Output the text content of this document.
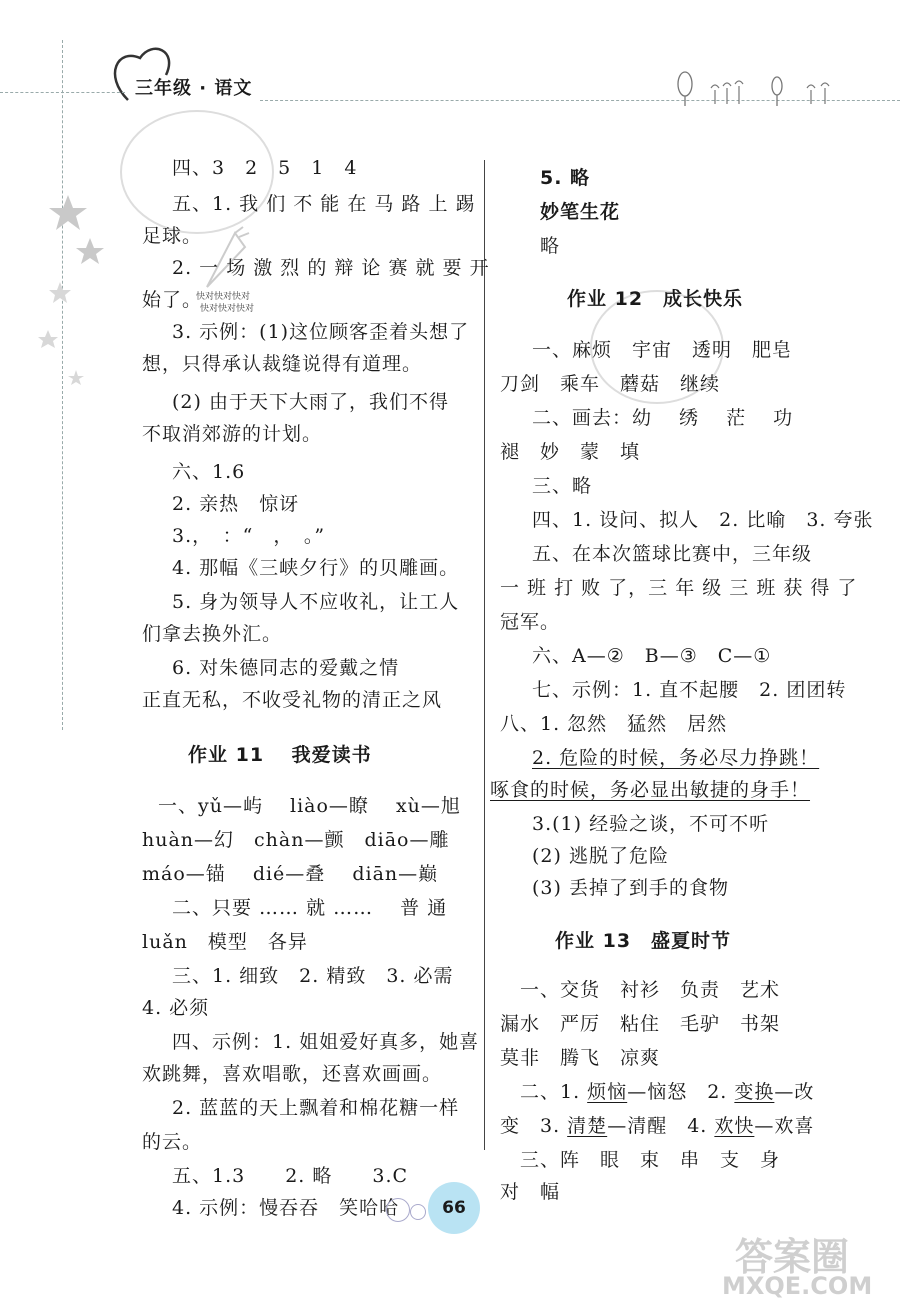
三年级 · 语文
快对快对快对
快对快对快对
四、3　2　5　1　4
五、1. 我 们 不 能 在 马 路 上 踢
足球。
2. 一 场 激 烈 的 辩 论 赛 就 要 开
始了。
3. 示例：(1)这位顾客歪着头想了
想，只得承认裁缝说得有道理。
(2) 由于天下大雨了，我们不得
不取消郊游的计划。
六、1.6
2. 亲热　惊讶
3.，　：“　，　。”
4. 那幅《三峡夕行》的贝雕画。
5. 身为领导人不应收礼，让工人
们拿去换外汇。
6. 对朱德同志的爱戴之情
正直无私，不收受礼物的清正之风
作业 11　 我爱读书
一、yǔ—屿　 liào—瞭　 xù—旭
huàn—幻　chàn—颤　diāo—雕
máo—锚　 dié—叠　 diān—巅
二、只要 …… 就 ……　 普 通
luǎn　模型　各异
三、1. 细致　2. 精致　3. 必需
4. 必须
四、示例：1. 姐姐爱好真多，她喜
欢跳舞，喜欢唱歌，还喜欢画画。
2. 蓝蓝的天上飘着和棉花糖一样
的云。
五、1.3　　2. 略　　3.C
4. 示例：慢吞吞　笑哈哈
5. 略
妙笔生花
略
作业 12　成长快乐
一、麻烦　宇宙　透明　肥皂
刀剑　乘车　蘑菇　继续
二、画去：幼　 绣　 茫　 功
褪　妙　蒙　填
三、略
四、1. 设问、拟人　2. 比喻　3. 夸张
五、在本次篮球比赛中，三年级
一 班 打 败 了，三 年 级 三 班 获 得 了
冠军。
六、A—②　B—③　C—①
七、示例：1. 直不起腰　2. 团团转
八、1. 忽然　猛然　居然
2. 危险的时候，务必尽力挣跳！
啄食的时候，务必显出敏捷的身手！
3.(1) 经验之谈，不可不听
(2) 逃脱了危险
(3) 丢掉了到手的食物
作业 13　盛夏时节
一、交货　衬衫　负责　艺术
漏水　严厉　粘住　毛驴　书架
莫非　腾飞　凉爽
二、1. 烦恼—恼怒　2. 变换—改
变　3. 清楚—清醒　4. 欢快—欢喜
三、阵　眼　束　串　支　身
对　幅
66
答案圈
MXQE.COM
